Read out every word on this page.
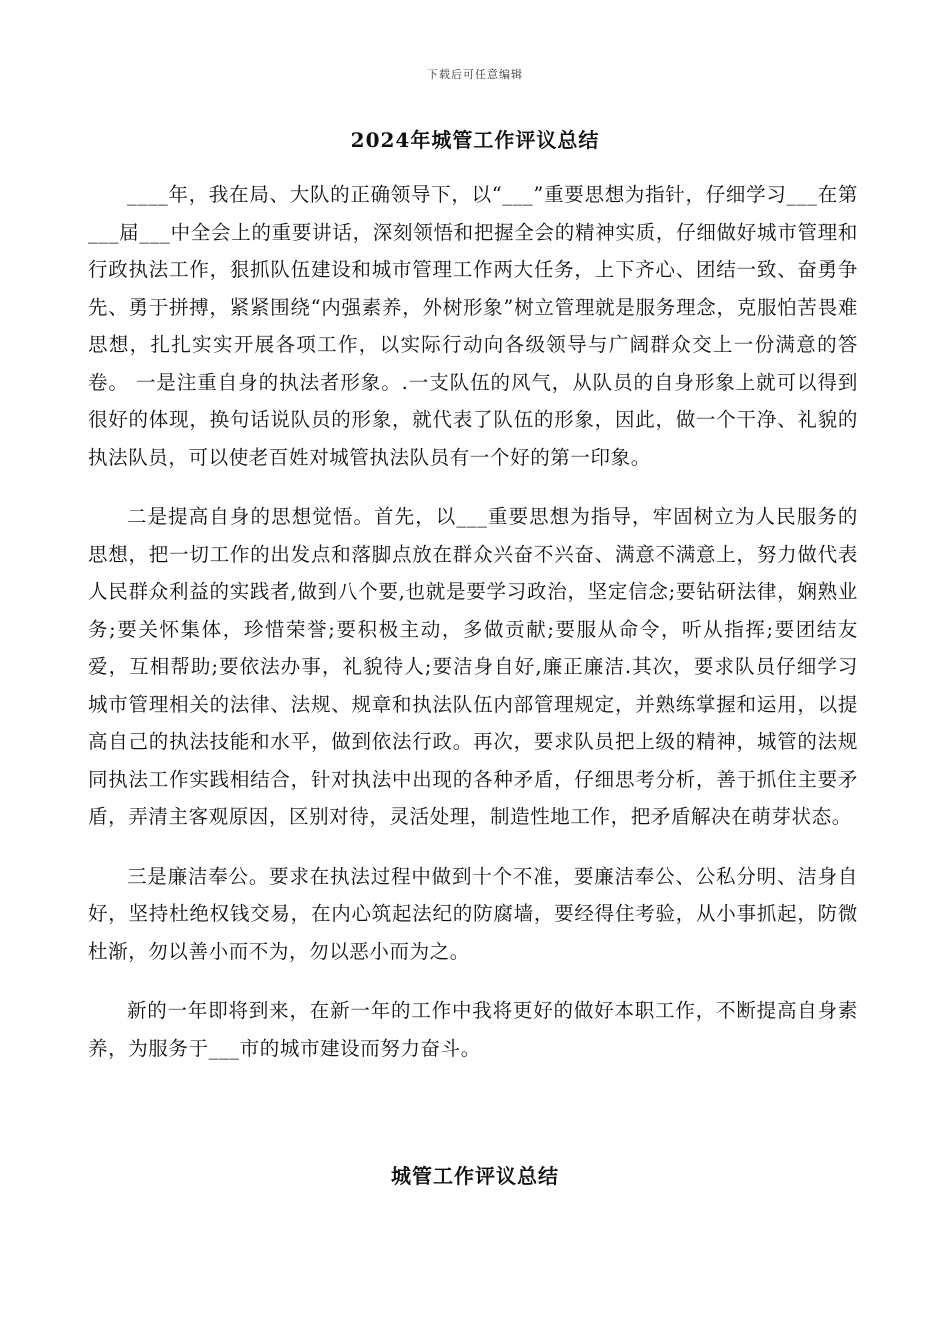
下载后可任意编辑
2024年城管工作评议总结

____年，我在局、大队的正确领导下，以“___”重要思想为指针，仔细学习___在第___届___中全会上的重要讲话，深刻领悟和把握全会的精神实质，仔细做好城市管理和行政执法工作，狠抓队伍建设和城市管理工作两大任务，上下齐心、团结一致、奋勇争先、勇于拼搏，紧紧围绕“内强素养，外树形象”树立管理就是服务理念，克服怕苦畏难思想，扎扎实实开展各项工作，以实际行动向各级领导与广阔群众交上一份满意的答卷。 一是注重自身的执法者形象。.一支队伍的风气，从队员的自身形象上就可以得到很好的体现，换句话说队员的形象，就代表了队伍的形象，因此，做一个干净、礼貌的执法队员，可以使老百姓对城管执法队员有一个好的第一印象。

二是提高自身的思想觉悟。首先，以___重要思想为指导，牢固树立为人民服务的思想，把一切工作的出发点和落脚点放在群众兴奋不兴奋、满意不满意上，努力做代表人民群众利益的实践者,做到八个要,也就是要学习政治，坚定信念;要钻研法律，娴熟业务;要关怀集体，珍惜荣誉;要积极主动，多做贡献;要服从命令，听从指挥;要团结友爱，互相帮助;要依法办事，礼貌待人;要洁身自好,廉正廉洁.其次，要求队员仔细学习城市管理相关的法律、法规、规章和执法队伍内部管理规定，并熟练掌握和运用，以提高自己的执法技能和水平，做到依法行政。再次，要求队员把上级的精神，城管的法规同执法工作实践相结合，针对执法中出现的各种矛盾，仔细思考分析，善于抓住主要矛盾，弄清主客观原因，区别对待，灵活处理，制造性地工作，把矛盾解决在萌芽状态。

三是廉洁奉公。要求在执法过程中做到十个不准，要廉洁奉公、公私分明、洁身自好，坚持杜绝权钱交易，在内心筑起法纪的防腐墙，要经得住考验，从小事抓起，防微杜渐，勿以善小而不为，勿以恶小而为之。

新的一年即将到来，在新一年的工作中我将更好的做好本职工作，不断提高自身素养，为服务于___市的城市建设而努力奋斗。

城管工作评议总结
